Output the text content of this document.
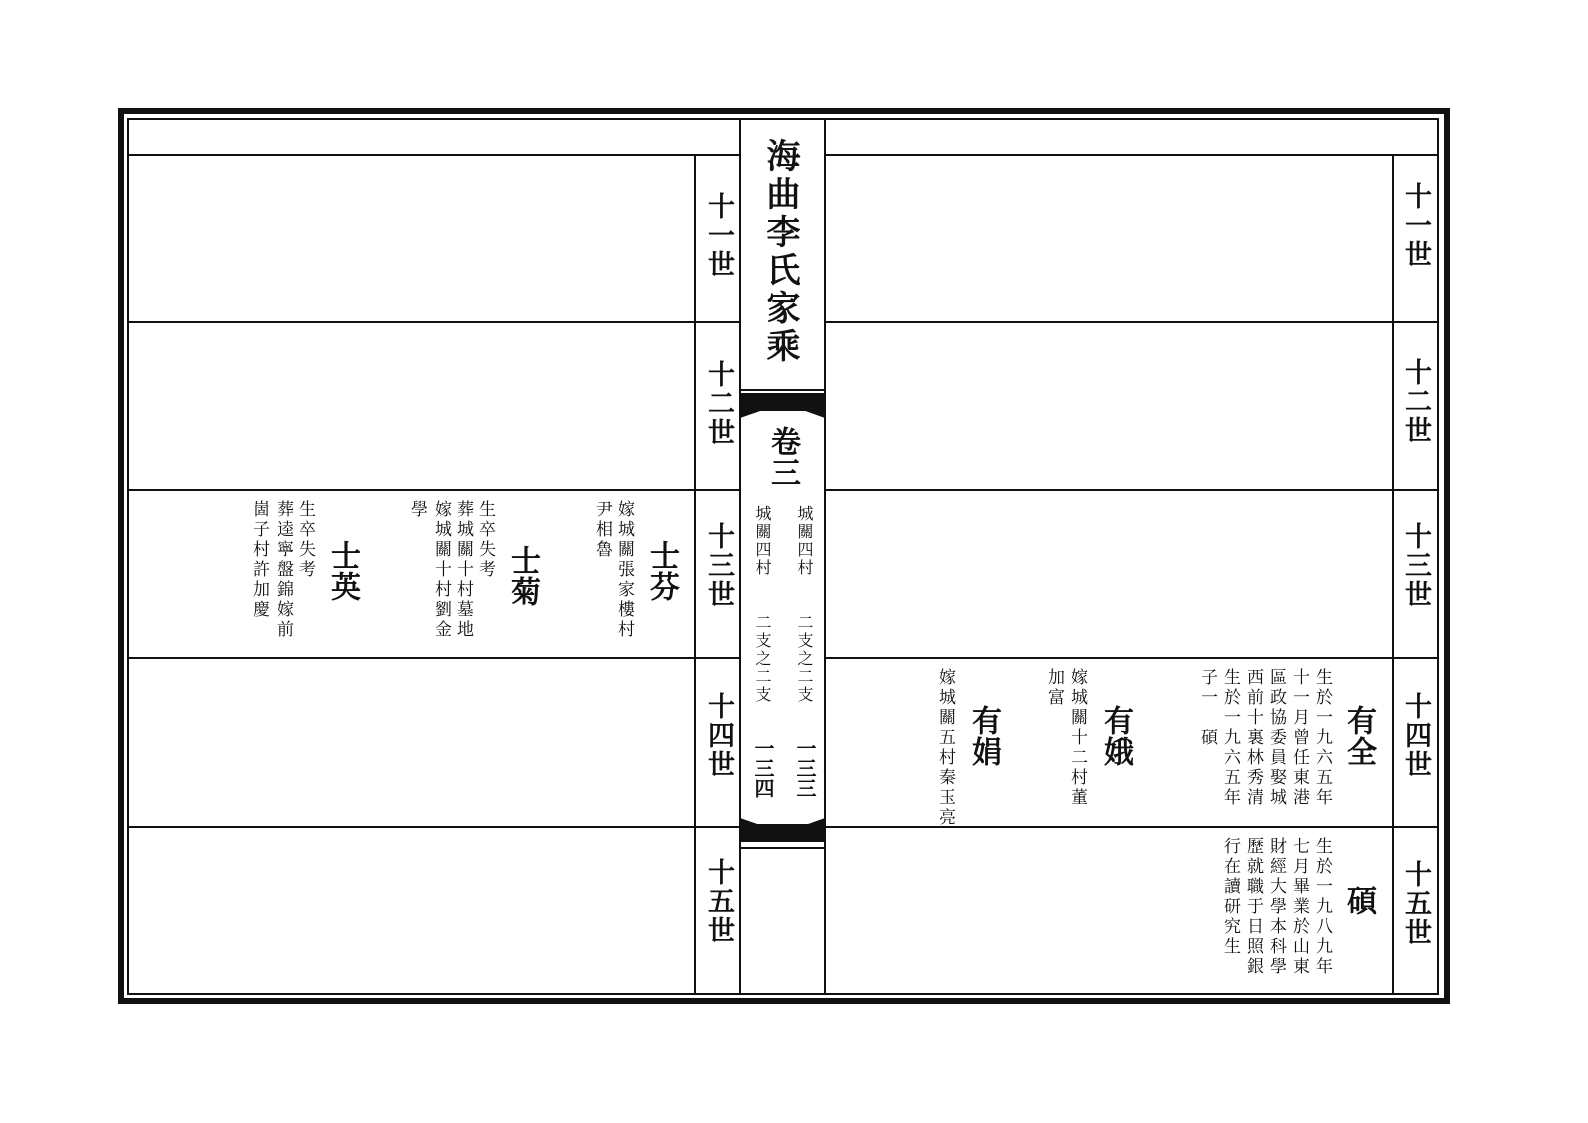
海曲李氏家乘
卷三
城關四村
二支之二支
一三三
城關四村
二支之二支
一三四
十一世
十二世
十三世
十四世
十五世
十一世
十二世
十三世
十四世
十五世
士芬
嫁城關張家樓村
尹相魯
士菊
生卒失考
葬城關十村墓地
嫁城關十村劉金
學
士英
生卒失考
葬逵寧盤錦嫁前
崮子村許加慶
有全
生於一九六五年
十一月曾任東港
區政協委員娶城
西前十裏林秀清
生於一九六五年
子一　碩
有娥
嫁城關十二村董
加富
有娟
嫁城關五村秦玉亮
碩
生於一九八九年
七月畢業於山東
財經大學本科學
歷就職于日照銀
行在讀研究生
